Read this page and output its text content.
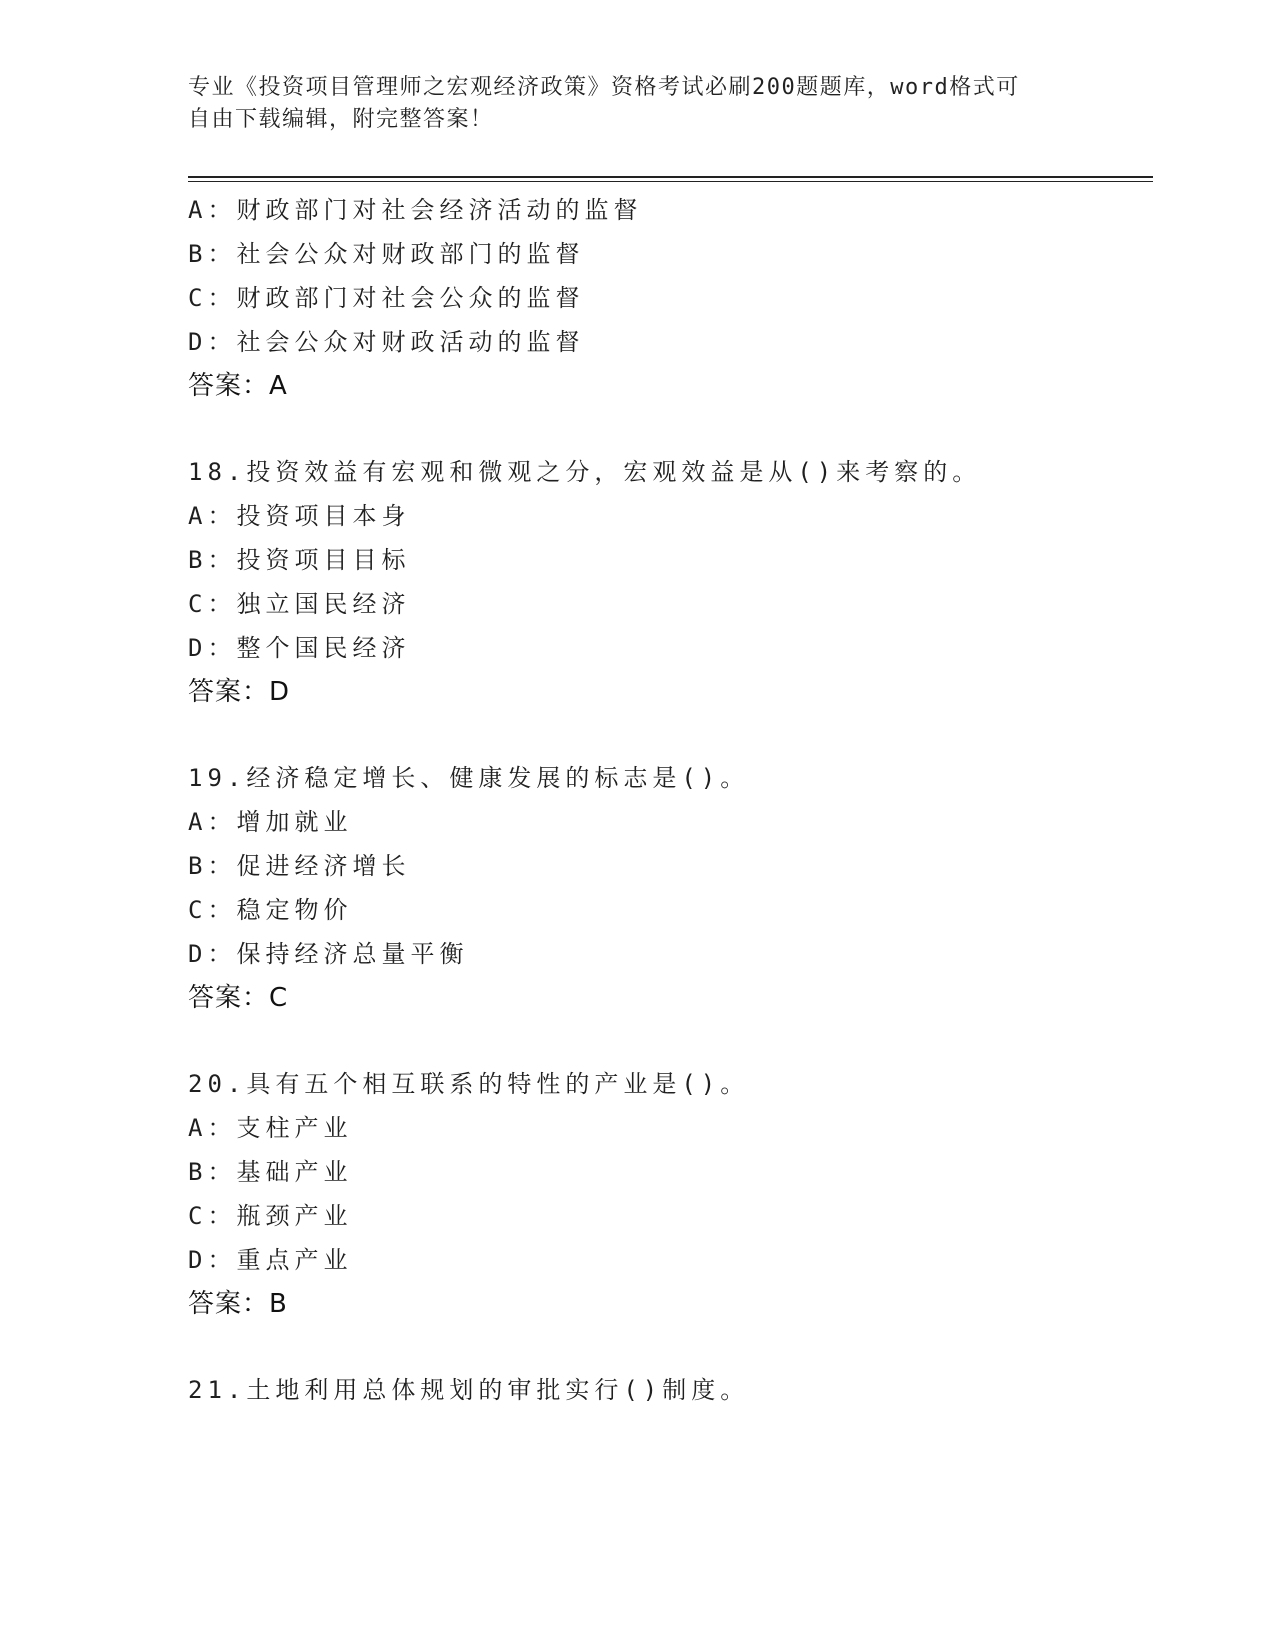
专业《投资项目管理师之宏观经济政策》资格考试必刷200题题库，word格式可
自由下载编辑，附完整答案！
A：财政部门对社会经济活动的监督
B：社会公众对财政部门的监督
C：财政部门对社会公众的监督
D：社会公众对财政活动的监督
答案：A
18.投资效益有宏观和微观之分，宏观效益是从()来考察的。
A：投资项目本身
B：投资项目目标
C：独立国民经济
D：整个国民经济
答案：D
19.经济稳定增长、健康发展的标志是()。
A：增加就业
B：促进经济增长
C：稳定物价
D：保持经济总量平衡
答案：C
20.具有五个相互联系的特性的产业是()。
A：支柱产业
B：基础产业
C：瓶颈产业
D：重点产业
答案：B
21.土地利用总体规划的审批实行()制度。
